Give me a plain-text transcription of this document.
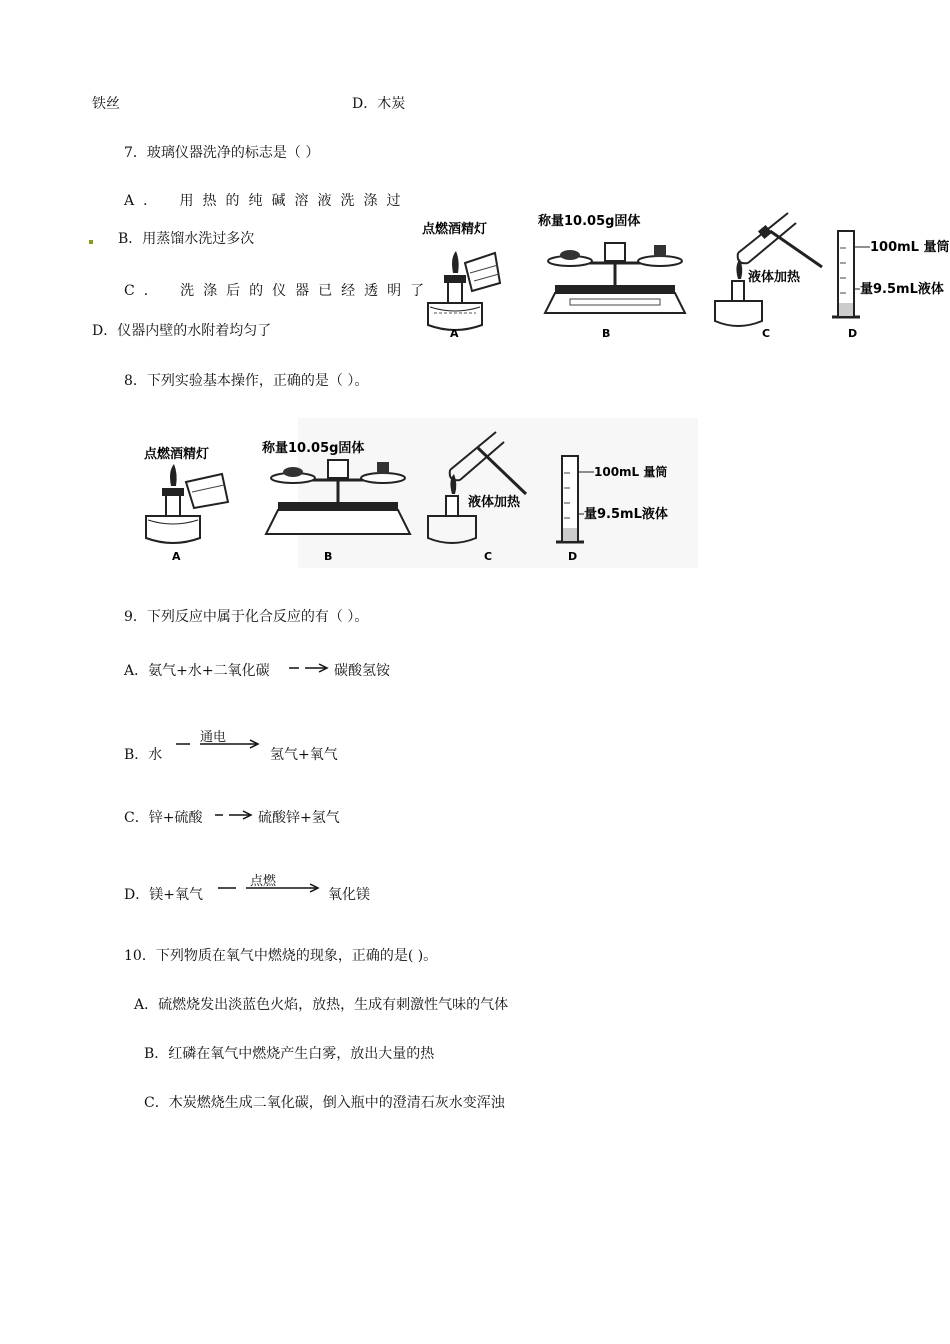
铁丝	D．木炭
7．玻璃仪器洗净的标志是（ ）
A． 用热的纯碱溶液洗涤过
B．用蒸馏水洗过多次
C． 洗涤后的仪器已经透明了
D．仪器内壁的水附着均匀了
点燃酒精灯
A
称量10.05g固体
B
液体加热
C
100mL 量筒
量9.5mL液体
D
8．下列实验基本操作，正确的是（ ）。
点燃酒精灯
A
称量10.05g固体
B
液体加热
C
100mL 量筒
量9.5mL液体
D
9．下列反应中属于化合反应的有（ ）。
A．氨气+水+二氧化碳	碳酸氢铵
B．水
通电
氢气+氧气
C．锌+硫酸 → 硫酸锌+氢气
D．镁+氧气
点燃
氧化镁
10．下列物质在氧气中燃烧的现象，正确的是( )。
A．硫燃烧发出淡蓝色火焰，放热，生成有刺激性气味的气体
B．红磷在氧气中燃烧产生白雾，放出大量的热
C．木炭燃烧生成二氧化碳，倒入瓶中的澄清石灰水变浑浊
